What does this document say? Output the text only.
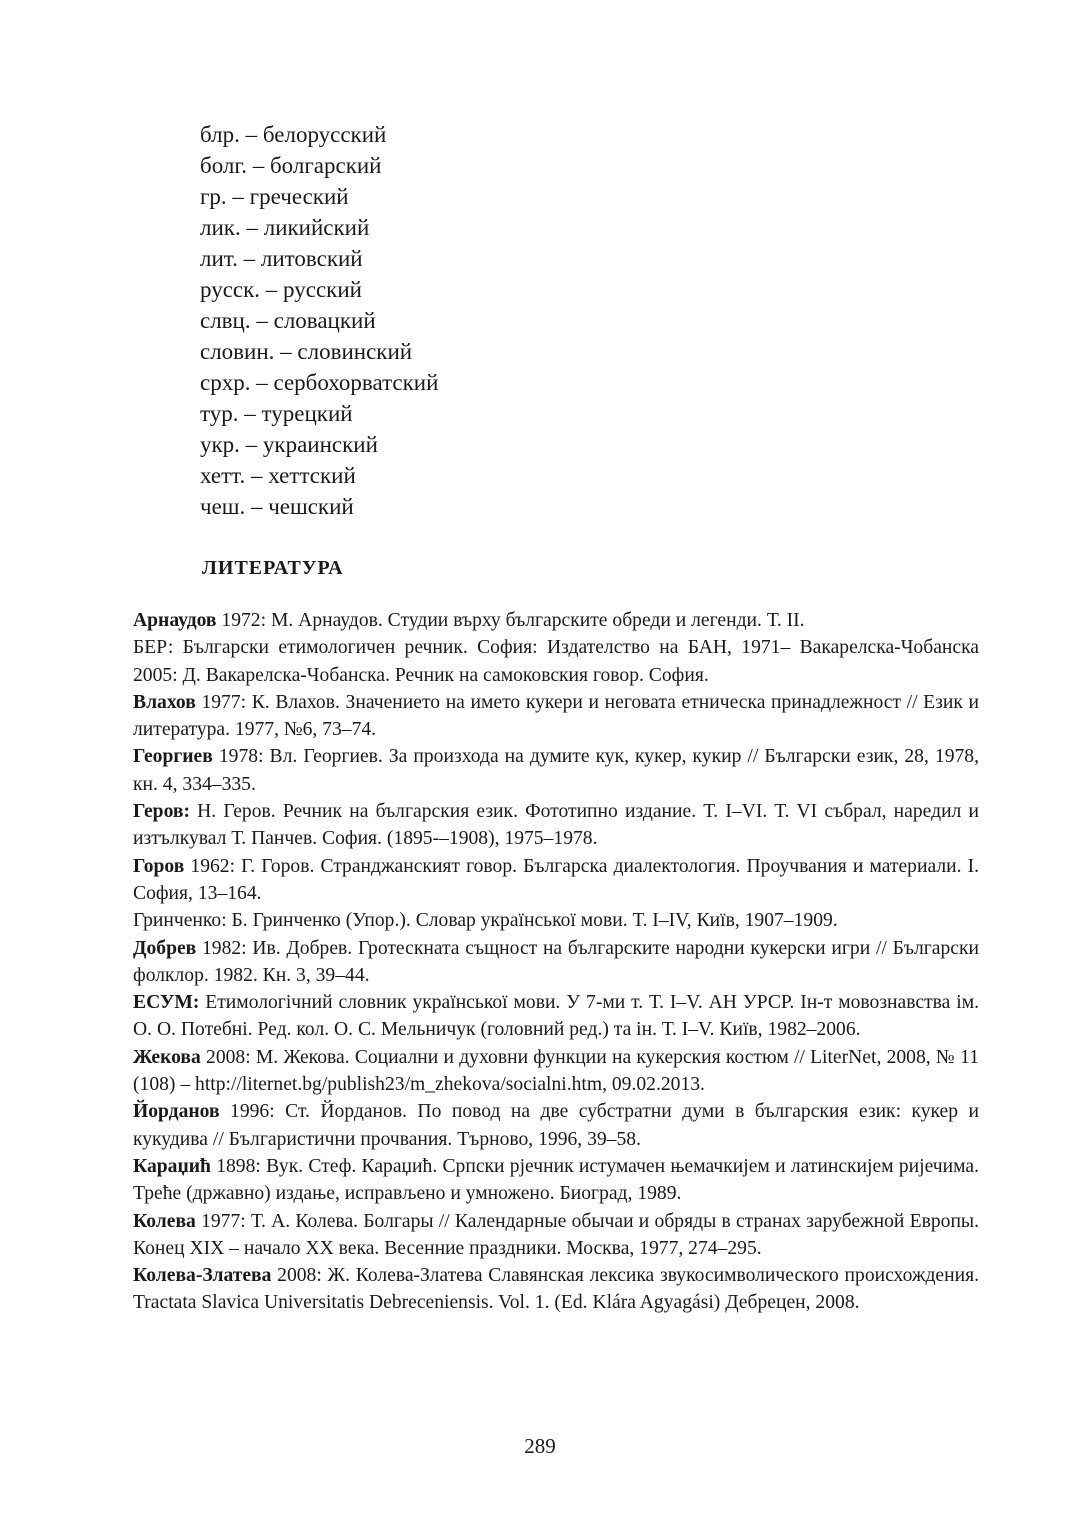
блр. – белорусский
болг. – болгарский
гр. – греческий
лик. – ликийский
лит. – литовский
русск. – русский
слвц. – словацкий
словин. – словинский
срхр. – сербохорватский
тур. – турецкий
укр. – украинский
хетт. – хеттский
чеш. – чешский
ЛИТЕРАТУРА

Арнаудов 1972: М. Арнаудов. Студии върху българските обреди и легенди. Т. II.

БЕР: Български етимологичен речник. София: Издателство на БАН, 1971– Вакарелска-Чобанска 2005: Д. Вакарелска-Чобанска. Речник на самоковския говор. София.

Влахов 1977: К. Влахов. Значението на името кукери и неговата етническа принадлежност // Език и литература. 1977, №6, 73–74.

Георгиев 1978: Вл. Георгиев. За произхода на думите кук, кукер, кукир // Български език, 28, 1978, кн. 4, 334–335.

Геров: Н. Геров. Речник на българския език. Фототипно издание. Т. I–VI. Т. VI събрал, наредил и изтълкувал Т. Панчев. София. (1895-–1908), 1975–1978.

Горов 1962: Г. Горов. Странджанският говор. Българска диалектология. Проучвания и материали. I. София, 13–164.

Гринченко: Б. Гринченко (Упор.). Словар української мови. Т. I–IV, Київ, 1907–1909.

Добрев 1982: Ив. Добрев. Гротескната същност на българските народни кукерски игри // Български фолклор. 1982. Кн. 3, 39–44.

ЕСУМ: Етимологічний словник української мови. У 7-ми т. Т. I–V. АН УРСР. Ін-т мовознавства ім. О. О. Потебні. Ред. кол. О. С. Мельничук (головний ред.) та ін. Т. I–V. Київ, 1982–2006.

Жекова 2008: М. Жекова. Социални и духовни функции на кукерския костюм // LiterNet, 2008, № 11 (108) – http://liternet.bg/publish23/m_zhekova/socialni.htm, 09.02.2013.

Йорданов 1996: Ст. Йорданов. По повод на две субстратни думи в българския език: кукер и кукудива // Българистични прочвания. Търново, 1996, 39–58.

Караџић 1898: Вук. Стеф. Караџић. Српски рјечник истумачен њемачкијем и латинскијем ријечима. Треће (државно) издање, исправљено и умножено. Биоград, 1989.

Колева 1977: Т. А. Колева. Болгары // Календарные обычаи и обряды в странах зарубежной Европы. Конец XIX – начало XX века. Весенние праздники. Москва, 1977, 274–295.

Колева-Златева 2008: Ж. Колева-Златева Славянская лексика звукосимволического происхождения. Tractata Slavica Universitatis Debreceniensis. Vol. 1. (Ed. Klára Agyagási) Дебрецен, 2008.

289
